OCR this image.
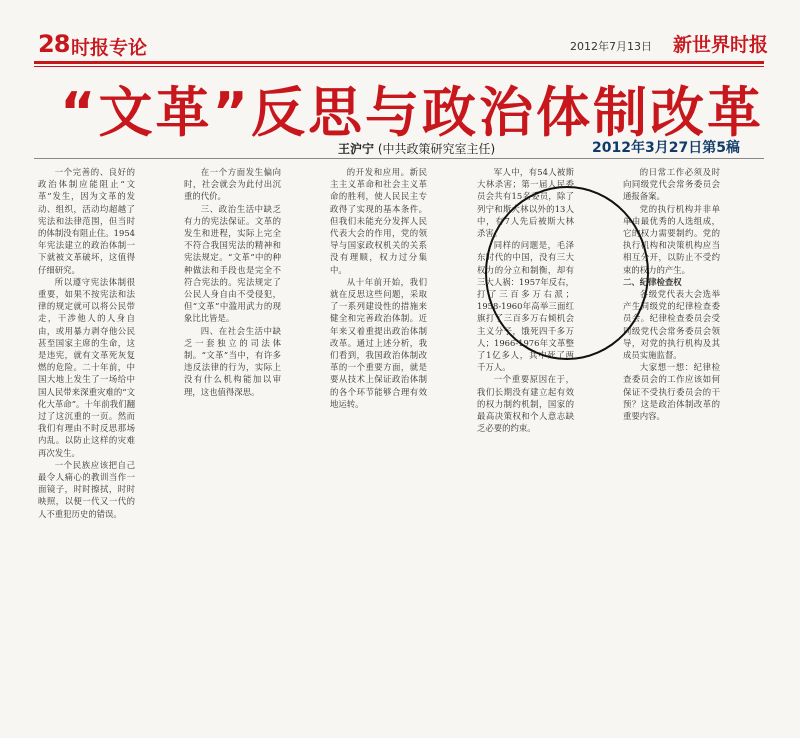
28 时报专论	2012年7月13日 新世界时报
“文革”反思与政治体制改革
王沪宁 (中共政策研究室主任)	2012年3月27日第5稿

一个完善的、良好的政治体制应能阻止“文革”发生，因为文革的发动、组织，活动均超越了宪法和法律范围，但当时的体制没有阻止住。1954年宪法建立的政治体制一下就被文革破坏，这值得仔细研究。

所以遵守宪法体制很重要，如果不按宪法和法律的规定就可以将公民带走，干涉他人的人身自由，或用暴力剥夺他公民甚至国家主席的生命，这是违宪，就有文革死灰复燃的危险。二十年前，中国大地上发生了一场给中国人民带来深重灾难的“文化大革命”。十年前我们翻过了这沉重的一页。然而我们有理由不时反思那场内乱。以防止这样的灾难再次发生。

一个民族应该把自己最令人痛心的教训当作一面镜子，时时擦拭，时时映照，以便一代又一代的人不重犯历史的错误。

在一个方面发生偏向时，社会就会为此付出沉重的代价。

三、政治生活中缺乏有力的宪法保证。文革的发生和进程，实际上完全不符合我国宪法的精神和宪法规定。“文革”中的种种做法和手段也是完全不符合宪法的。宪法规定了公民人身自由不受侵犯，但“文革”中滥用武力的现象比比皆是。

四、在社会生活中缺乏一套独立的司法体制。“文革”当中，有许多违反法律的行为，实际上没有什么机构能加以审理，这也值得深思。

的开发和应用。新民主主义革命和社会主义革命的胜利，使人民民主专政得了实现的基本条件。但我们未能充分发挥人民代表大会的作用，党的领导与国家政权机关的关系没有理顺，权力过分集中。

从十年前开始，我们就在反思这些问题，采取了一系列建设性的措施来健全和完善政治体制。近年来又着重提出政治体制改革。通过上述分析，我们看到，我国政治体制改革的一个重要方面，就是要从技术上保证政治体制的各个环节能够合理有效地运转。

军人中，有54人被斯大林杀害；第一届人民委员会共有15名委员，除了列宁和斯大林以外的13人中，有7人先后被斯大林杀害。

同样的问题是，毛泽东时代的中国，没有三大权力的分立和制衡，却有三大人祸：1957年反右，打了三百多万右派；1958-1960年高举三面红旗打了三百多万右倾机会主义分子，饿死四千多万人；1966-1976年文革整了1亿多人，其中死了两千万人。

一个重要原因在于，我们长期没有建立起有效的权力制约机制，国家的最高决策权和个人意志缺乏必要的约束。

的日常工作必须及时向同级党代会常务委员会通报备案。

党的执行机构并非单单由最优秀的人选组成，它的权力需要制约。党的执行机构和决策机构应当相互分开，以防止不受约束的权力的产生。

二、纪律检查权

各级党代表大会选举产生同级党的纪律检查委员会。纪律检查委员会受同级党代会常务委员会领导，对党的执行机构及其成员实施监督。

大家想一想：纪律检查委员会的工作应该如何保证不受执行委员会的干预？这是政治体制改革的重要内容。
